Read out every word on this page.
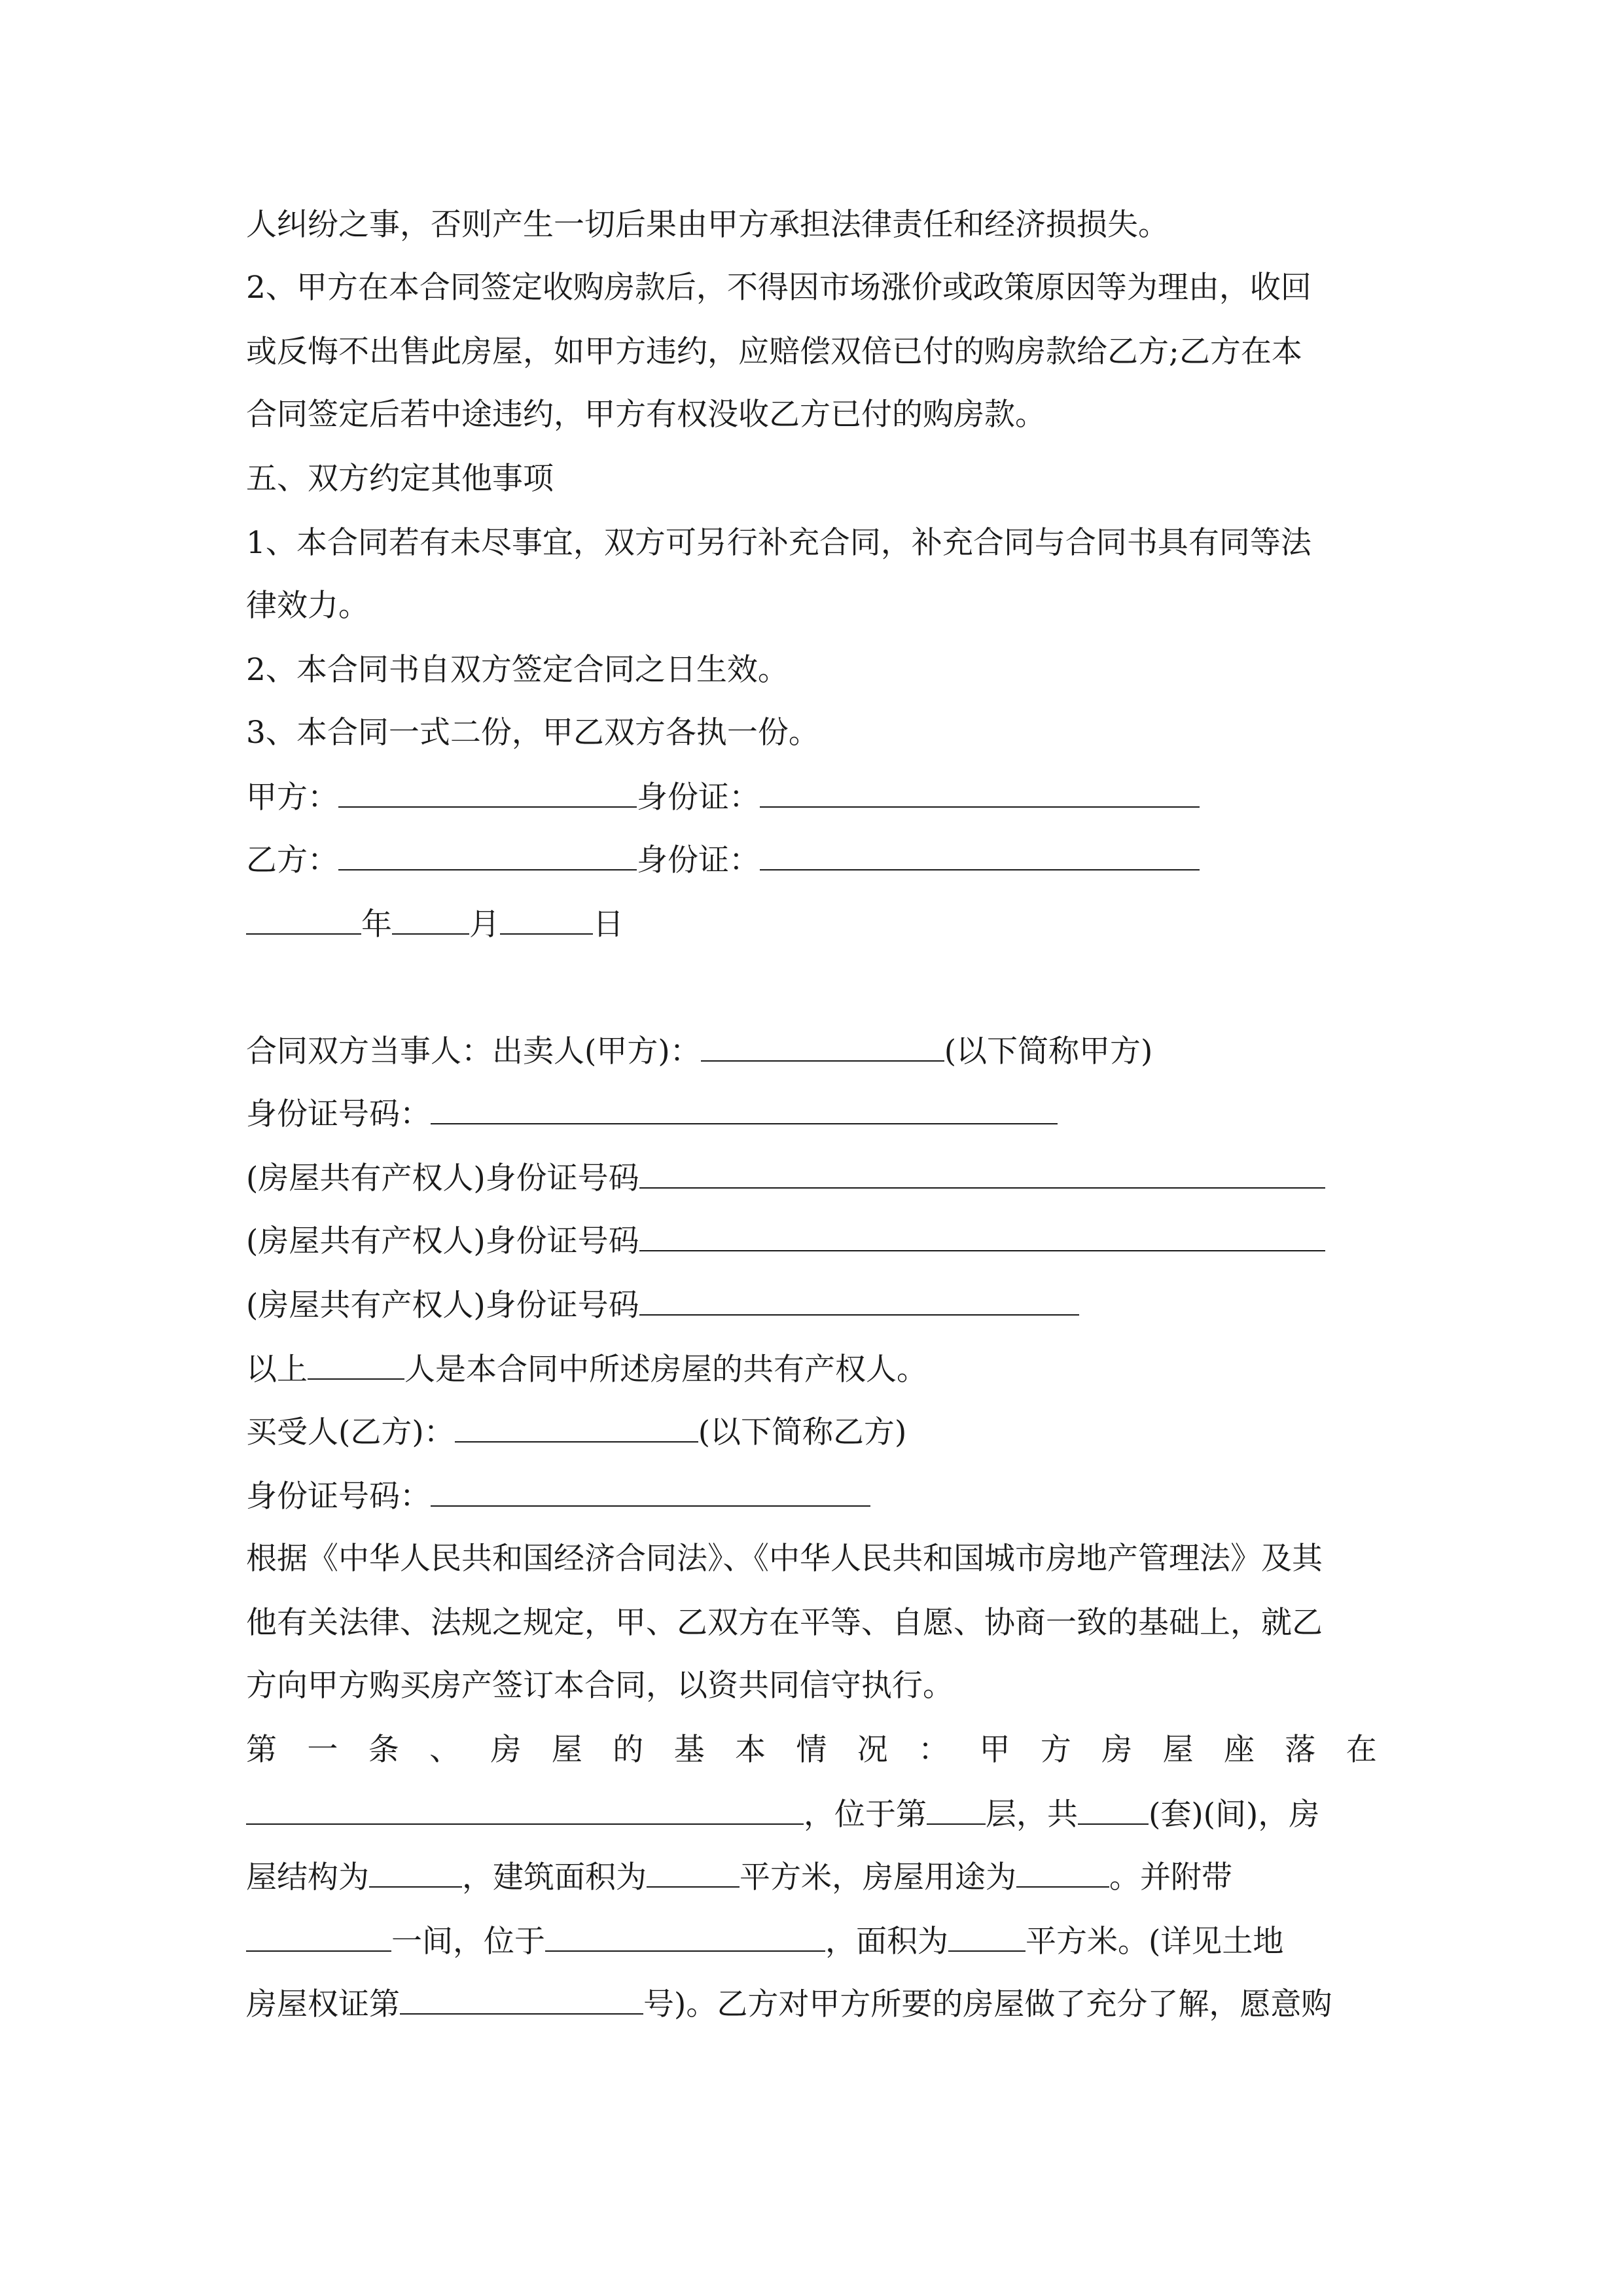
人纠纷之事，否则产生一切后果由甲方承担法律责任和经济损损失。
2、甲方在本合同签定收购房款后，不得因市场涨价或政策原因等为理由，收回
或反悔不出售此房屋，如甲方违约，应赔偿双倍已付的购房款给乙方;乙方在本
合同签定后若中途违约，甲方有权没收乙方已付的购房款。
五、双方约定其他事项
1、本合同若有未尽事宜，双方可另行补充合同，补充合同与合同书具有同等法
律效力。
2、本合同书自双方签定合同之日生效。
3、本合同一式二份，甲乙双方各执一份。
甲方：	身份证：
乙方：	身份证：
年	月	日
合同双方当事人：出卖人(甲方)：	(以下简称甲方)
身份证号码：
(房屋共有产权人)身份证号码
(房屋共有产权人)身份证号码
(房屋共有产权人)身份证号码
以上	人是本合同中所述房屋的共有产权人。
买受人(乙方)：	(以下简称乙方)
身份证号码：
根据《中华人民共和国经济合同法》、《中华人民共和国城市房地产管理法》及其
他有关法律、法规之规定，甲、乙双方在平等、自愿、协商一致的基础上，就乙
方向甲方购买房产签订本合同，以资共同信守执行。
第 一 条 、 房 屋 的 基 本 情 况 ： 甲 方 房 屋 座 落 在
，位于第 层，共 (套)(间)，房
屋结构为	，建筑面积为	平方米，房屋用途为	。并附带
一间，位于	，面积为	平方米。(详见土地
房屋权证第	号)。乙方对甲方所要的房屋做了充分了解，愿意购
